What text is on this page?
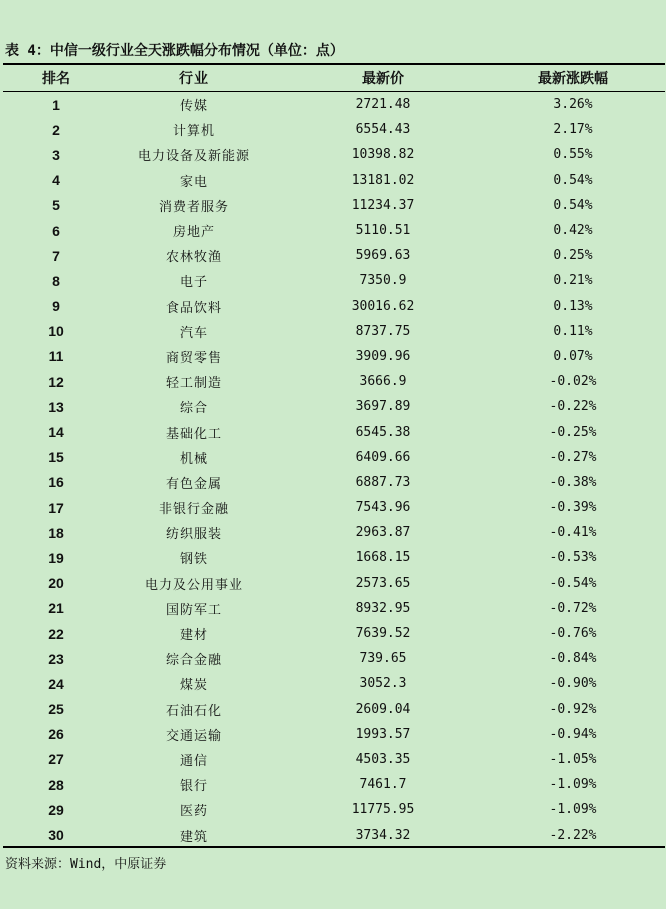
表 4：中信一级行业全天涨跌幅分布情况（单位：点）
排名	行业	最新价	最新涨跌幅
1	传媒	2721.48	3.26%
2	计算机	6554.43	2.17%
3	电力设备及新能源	10398.82	0.55%
4	家电	13181.02	0.54%
5	消费者服务	11234.37	0.54%
6	房地产	5110.51	0.42%
7	农林牧渔	5969.63	0.25%
8	电子	7350.9	0.21%
9	食品饮料	30016.62	0.13%
10	汽车	8737.75	0.11%
11	商贸零售	3909.96	0.07%
12	轻工制造	3666.9	-0.02%
13	综合	3697.89	-0.22%
14	基础化工	6545.38	-0.25%
15	机械	6409.66	-0.27%
16	有色金属	6887.73	-0.38%
17	非银行金融	7543.96	-0.39%
18	纺织服装	2963.87	-0.41%
19	钢铁	1668.15	-0.53%
20	电力及公用事业	2573.65	-0.54%
21	国防军工	8932.95	-0.72%
22	建材	7639.52	-0.76%
23	综合金融	739.65	-0.84%
24	煤炭	3052.3	-0.90%
25	石油石化	2609.04	-0.92%
26	交通运输	1993.57	-0.94%
27	通信	4503.35	-1.05%
28	银行	7461.7	-1.09%
29	医药	11775.95	-1.09%
30	建筑	3734.32	-2.22%
资料来源：Wind，中原证券
